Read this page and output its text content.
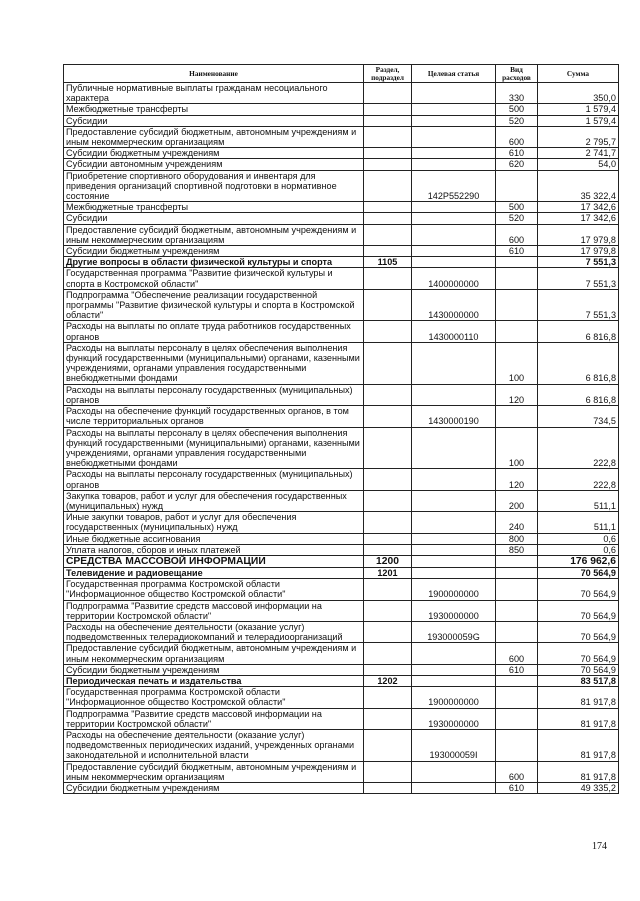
Наименование	Раздел, подраздел	Целевая статья	Вид расходов	Сумма
Публичные нормативные выплаты гражданам несоциального характера			330	350,0
Межбюджетные трансферты			500	1 579,4
Субсидии			520	1 579,4
Предоставление субсидий бюджетным, автономным учреждениям и иным некоммерческим организациям			600	2 795,7
Субсидии бюджетным учреждениям			610	2 741,7
Субсидии автономным учреждениям			620	54,0
Приобретение спортивного оборудования и инвентаря для приведения организаций спортивной подготовки в нормативное состояние		142P552290		35 322,4
Межбюджетные трансферты			500	17 342,6
Субсидии			520	17 342,6
Предоставление субсидий бюджетным, автономным учреждениям и иным некоммерческим организациям			600	17 979,8
Субсидии бюджетным учреждениям			610	17 979,8
Другие вопросы в области физической культуры и спорта	1105			7 551,3
Государственная программа "Развитие физической культуры и спорта в Костромской области"		1400000000		7 551,3
Подпрограмма "Обеспечение реализации государственной программы "Развитие физической культуры и спорта в Костромской области"		1430000000		7 551,3
Расходы на выплаты по оплате труда работников государственных органов		1430000110		6 816,8
Расходы на выплаты персоналу в целях обеспечения выполнения функций государственными (муниципальными) органами, казенными учреждениями, органами управления государственными внебюджетными фондами			100	6 816,8
Расходы на выплаты персоналу государственных (муниципальных) органов			120	6 816,8
Расходы на обеспечение функций государственных органов, в том числе территориальных органов		1430000190		734,5
Расходы на выплаты персоналу в целях обеспечения выполнения функций государственными (муниципальными) органами, казенными учреждениями, органами управления государственными внебюджетными фондами			100	222,8
Расходы на выплаты персоналу государственных (муниципальных) органов			120	222,8
Закупка товаров, работ и услуг для обеспечения государственных (муниципальных) нужд			200	511,1
Иные закупки товаров, работ и услуг для обеспечения государственных (муниципальных) нужд			240	511,1
Иные бюджетные ассигнования			800	0,6
Уплата налогов, сборов и иных платежей			850	0,6
СРЕДСТВА МАССОВОЙ ИНФОРМАЦИИ	1200			176 962,6
Телевидение и радиовещание	1201			70 564,9
Государственная программа Костромской области "Информационное общество Костромской области"		1900000000		70 564,9
Подпрограмма "Развитие средств массовой информации на территории Костромской области"		1930000000		70 564,9
Расходы на обеспечение деятельности (оказание услуг) подведомственных телерадиокомпаний и телерадиоорганизаций		193000059G		70 564,9
Предоставление субсидий бюджетным, автономным учреждениям и иным некоммерческим организациям			600	70 564,9
Субсидии бюджетным учреждениям			610	70 564,9
Периодическая печать и издательства	1202			83 517,8
Государственная программа Костромской области "Информационное общество Костромской области"		1900000000		81 917,8
Подпрограмма "Развитие средств массовой информации на территории Костромской области"		1930000000		81 917,8
Расходы на обеспечение деятельности (оказание услуг) подведомственных периодических изданий, учрежденных органами законодательной и исполнительной власти		193000059I		81 917,8
Предоставление субсидий бюджетным, автономным учреждениям и иным некоммерческим организациям			600	81 917,8
Субсидии бюджетным учреждениям			610	49 335,2
174
